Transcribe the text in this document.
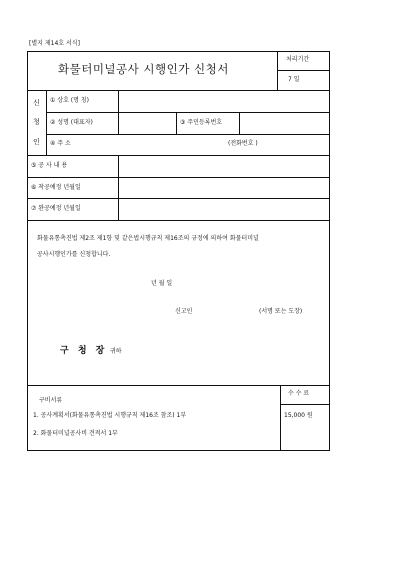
[별지 제14호 서식]
화물터미널공사 시행인가 신청서
처리기간
7 일
신
청
인
① 상호 (명 칭)
② 성명 (대표자)	③ 주민등록번호
④ 주 소	(전화번호 )
⑤ 공 사 내 용
⑥ 착공예정 년월일
⑦ 완공예정 년월일
화물유통촉진법 제2조 제1항 및 같은법시행규칙 제16조의 규정에 의하여 화물터미널
공사시행인가를 신청합니다.
년 월 일
신고인	(서명 또는 도장)
구 청 장 귀하
구비서류
1. 공사계획서(화물유통촉진법 시행규칙 제16조 참조) 1부
2. 화물터미널공사비 견적서 1부
수 수 료
15,000 원
